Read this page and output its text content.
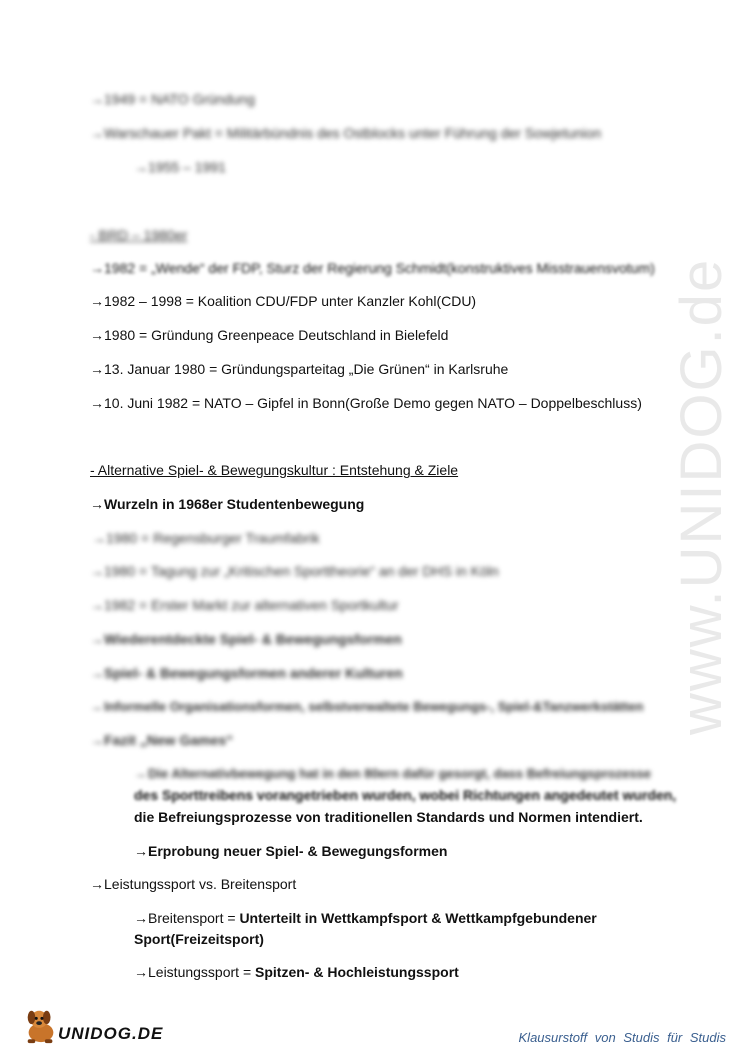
www.UNIDOG.de
→1949 = NATO Gründung
→Warschauer Pakt = Militärbündnis des Ostblocks unter Führung der Sowjetunion
→1955 – 1991
- BRD – 1980er
→1982 = „Wende“ der FDP, Sturz der Regierung Schmidt(konstruktives Misstrauensvotum)
→1982 – 1998 = Koalition CDU/FDP unter Kanzler Kohl(CDU)
→1980 = Gründung Greenpeace Deutschland in Bielefeld
→13. Januar 1980 = Gründungsparteitag „Die Grünen“ in Karlsruhe
→10. Juni 1982 = NATO – Gipfel in Bonn(Große Demo gegen NATO – Doppelbeschluss)
- Alternative Spiel- & Bewegungskultur : Entstehung & Ziele
→Wurzeln in 1968er Studentenbewegung
→1980 = Regensburger Traumfabrik
→1980 = Tagung zur „Kritischen Sporttheorie“ an der DHS in Köln
→1982 = Erster Markt zur alternativen Sportkultur
→Wiederentdeckte Spiel- & Bewegungsformen
→Spiel- & Bewegungsformen anderer Kulturen
→Informelle Organisationsformen, selbstverwaltete Bewegungs-, Spiel-&Tanzwerkstätten
→Fazit „New Games“
→Die Alternativbewegung hat in den 80ern dafür gesorgt, dass Befreiungsprozesse
des Sporttreibens vorangetrieben wurden, wobei Richtungen angedeutet wurden,
die Befreiungsprozesse von traditionellen Standards und Normen intendiert.
→Erprobung neuer Spiel- & Bewegungsformen
→Leistungssport vs. Breitensport
→Breitensport = Unterteilt in Wettkampfsport & Wettkampfgebundener
Sport(Freizeitsport)
→Leistungssport = Spitzen- & Hochleistungssport
UNIDOG.DE	Klausurstoff von Studis für Studis
